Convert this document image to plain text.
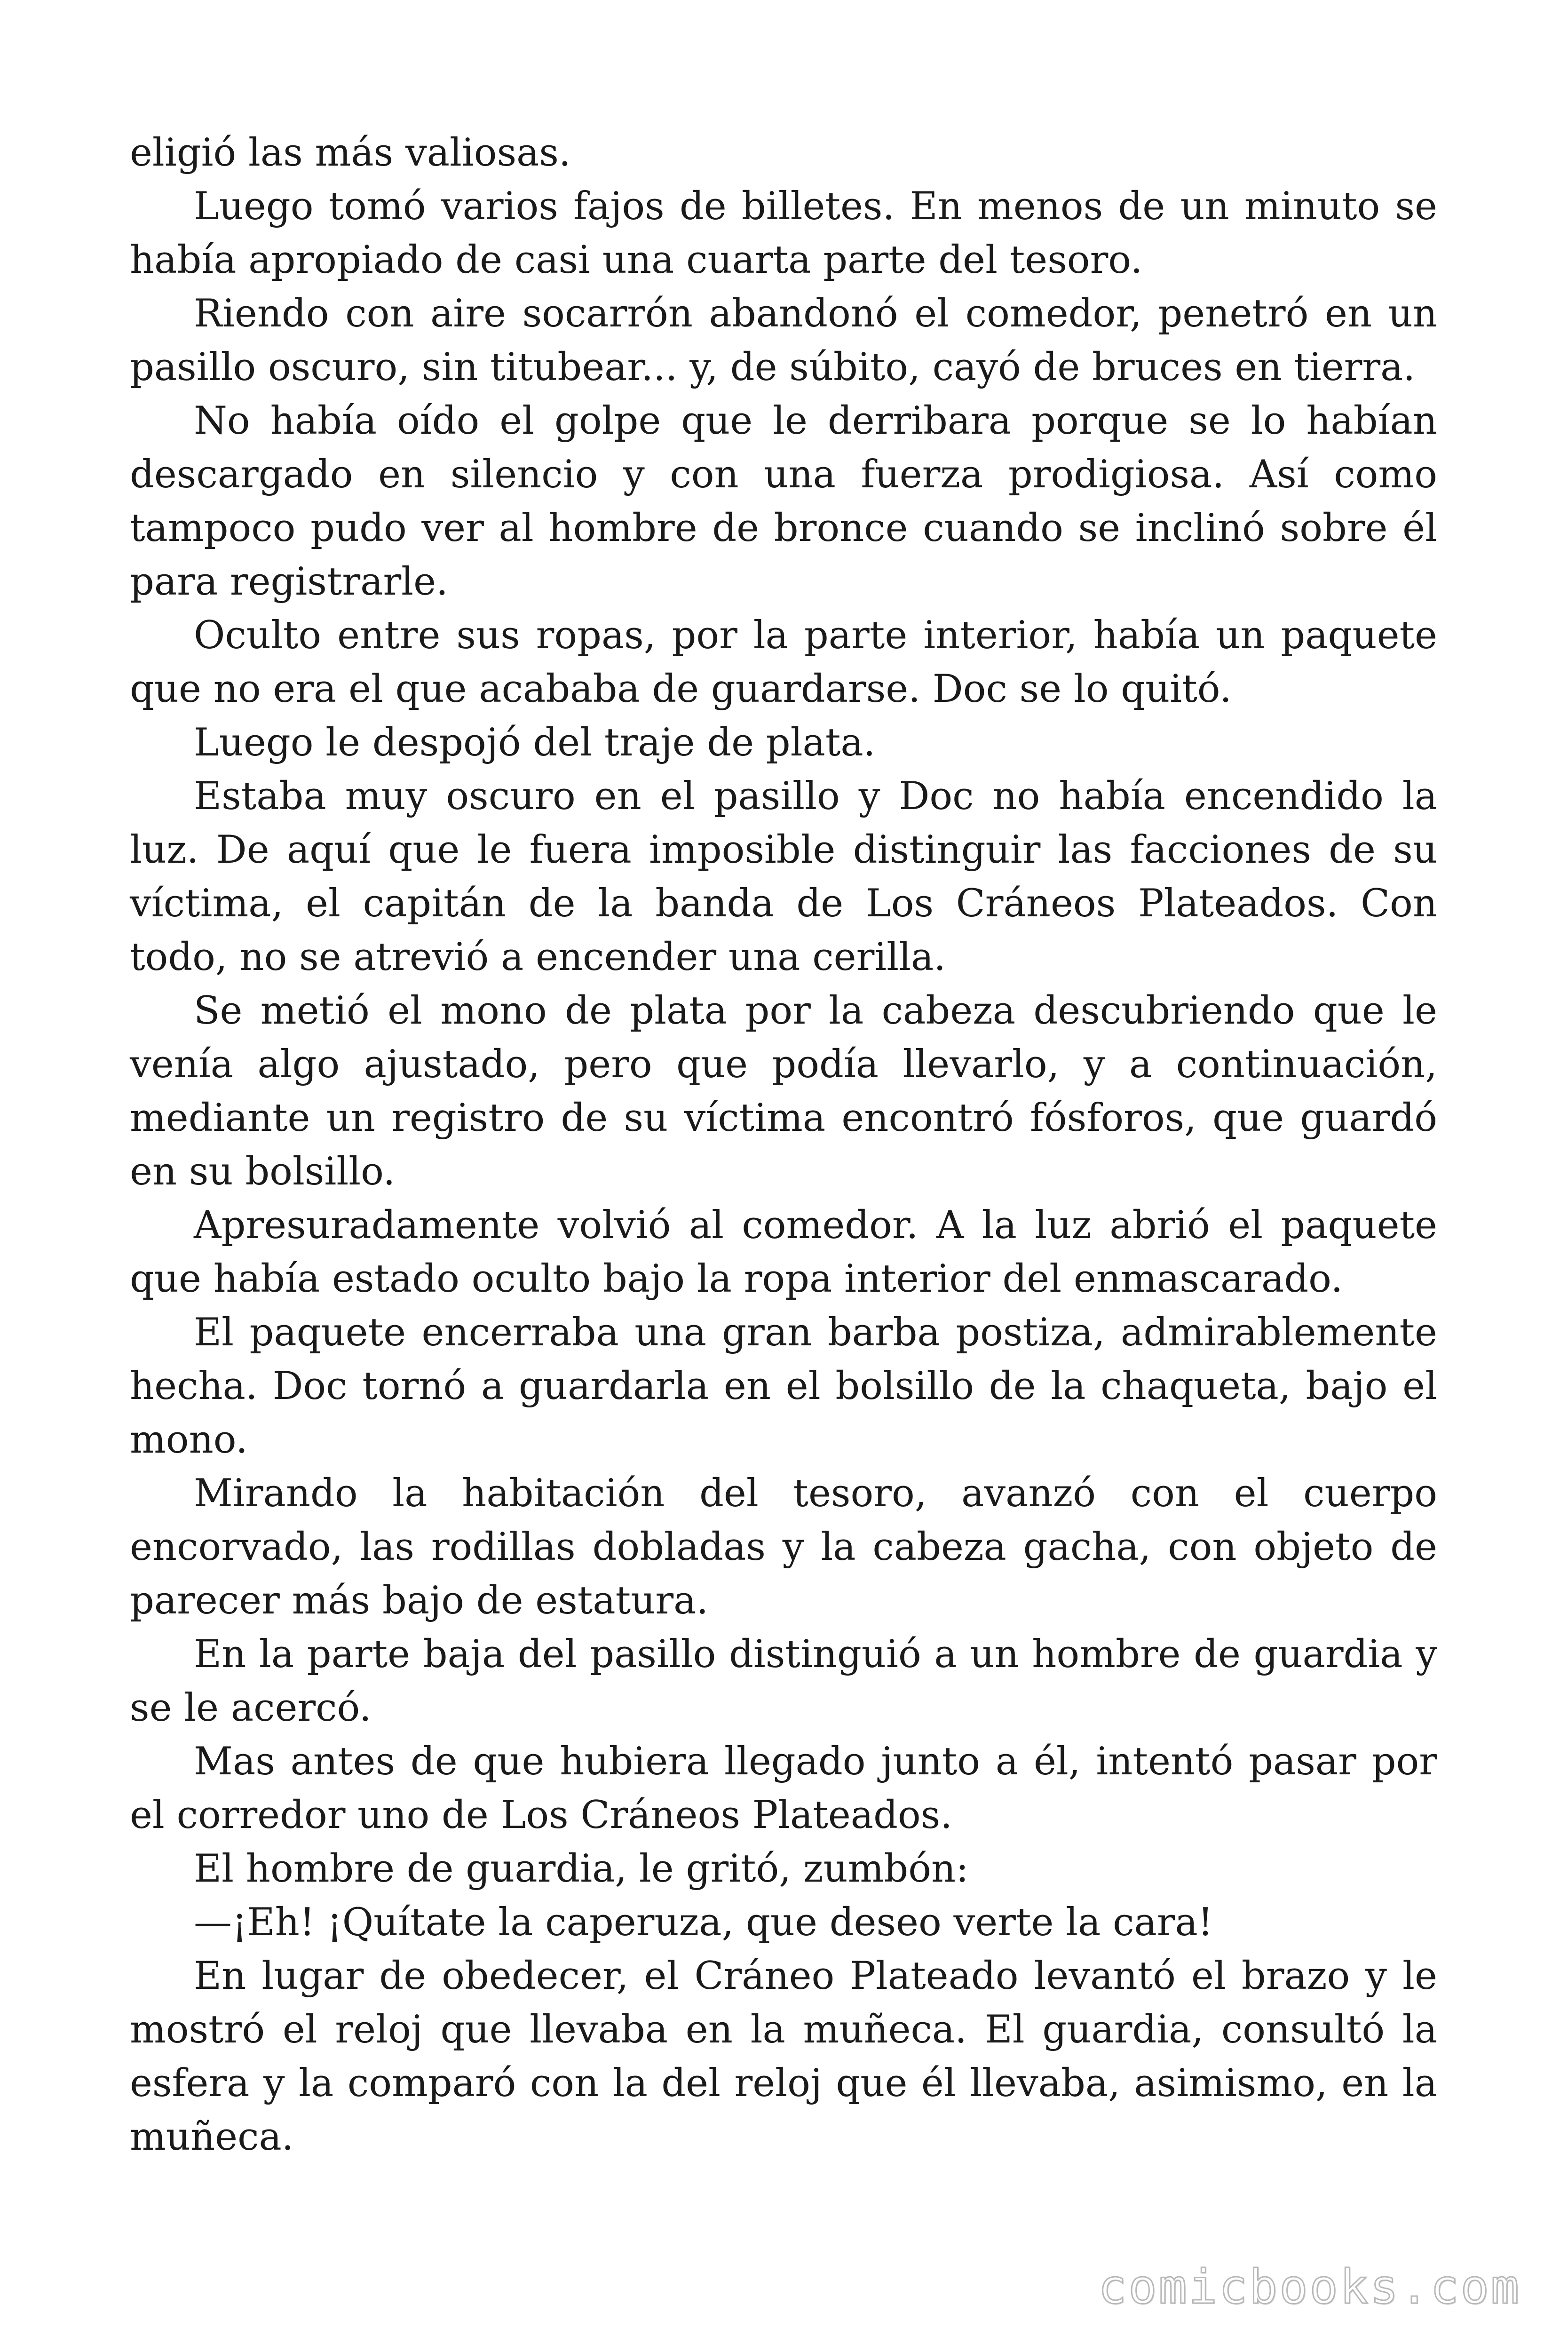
eligió las más valiosas.

Luego tomó varios fajos de billetes. En menos de un minuto se había apropiado de casi una cuarta parte del tesoro.

Riendo con aire socarrón abandonó el comedor, penetró en un pasillo oscuro, sin titubear... y, de súbito, cayó de bruces en tierra.

No había oído el golpe que le derribara porque se lo habían descargado en silencio y con una fuerza prodigiosa. Así como tampoco pudo ver al hombre de bronce cuando se inclinó sobre él para registrarle.

Oculto entre sus ropas, por la parte interior, había un paquete que no era el que acababa de guardarse. Doc se lo quitó.

Luego le despojó del traje de plata.

Estaba muy oscuro en el pasillo y Doc no había encendido la luz. De aquí que le fuera imposible distinguir las facciones de su víctima, el capitán de la banda de Los Cráneos Plateados. Con todo, no se atrevió a encender una cerilla.

Se metió el mono de plata por la cabeza descubriendo que le venía algo ajustado, pero que podía llevarlo, y a continuación, mediante un registro de su víctima encontró fósforos, que guardó en su bolsillo.

Apresuradamente volvió al comedor. A la luz abrió el paquete que había estado oculto bajo la ropa interior del enmascarado.

El paquete encerraba una gran barba postiza, admirablemente hecha. Doc tornó a guardarla en el bolsillo de la chaqueta, bajo el mono.

Mirando la habitación del tesoro, avanzó con el cuerpo encorvado, las rodillas dobladas y la cabeza gacha, con objeto de parecer más bajo de estatura.

En la parte baja del pasillo distinguió a un hombre de guardia y se le acercó.

Mas antes de que hubiera llegado junto a él, intentó pasar por el corredor uno de Los Cráneos Plateados.

El hombre de guardia, le gritó, zumbón:

—¡Eh! ¡Quítate la caperuza, que deseo verte la cara!

En lugar de obedecer, el Cráneo Plateado levantó el brazo y le mostró el reloj que llevaba en la muñeca. El guardia, consultó la esfera y la comparó con la del reloj que él llevaba, asimismo, en la muñeca.

comicbooks.com
